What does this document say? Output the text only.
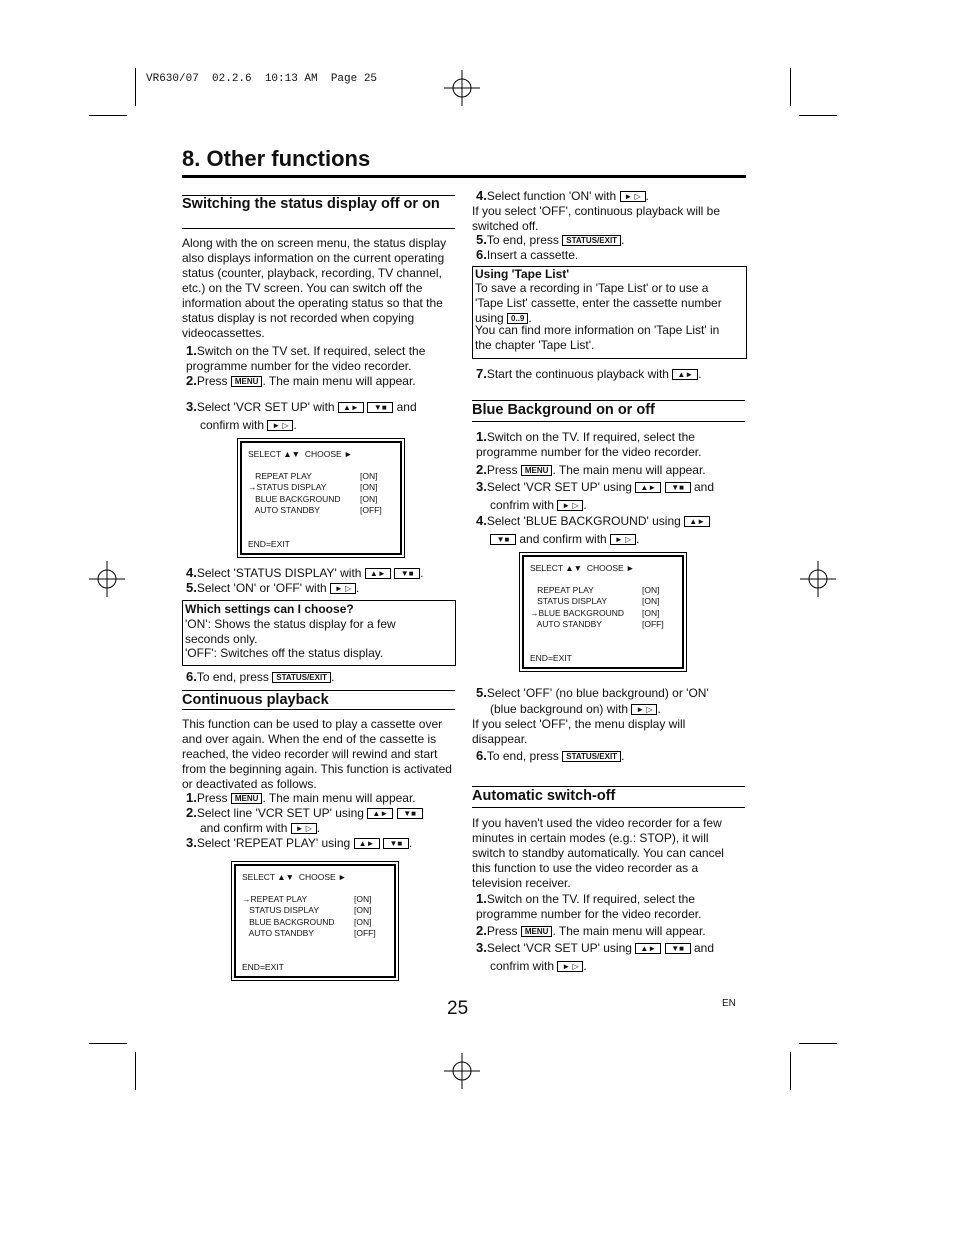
VR630/07  02.2.6  10:13 AM  Page 25
8. Other functions
Switching the status display off or on
Along with the on screen menu, the status display also displays information on the current operating status (counter, playback, recording, TV channel, etc.) on the TV screen. You can switch off the information about the operating status so that the status display is not recorded when copying videocassettes.
1.Switch on the TV set. If required, select the programme number for the video recorder.
2.Press MENU . The main menu will appear.
3.Select 'VCR SET UP' with ▲► ▼■ and
confirm with ► ▷ .
SELECT ▲▼  CHOOSE ►
REPEAT PLAY
→STATUS DISPLAY
BLUE BACKGROUND
AUTO STANDBY
[ON]
[ON]
[ON]
[OFF]
END=EXIT
4.Select 'STATUS DISPLAY' with ▲► ▼■ .
5.Select 'ON' or 'OFF' with ► ▷ .
Which settings can I choose?
'ON': Shows the status display for a few seconds only.
'OFF': Switches off the status display.
6.To end, press STATUS/EXIT .
Continuous playback
This function can be used to play a cassette over and over again. When the end of the cassette is reached, the video recorder will rewind and start from the beginning again. This function is activated or deactivated as follows.
1.Press MENU . The main menu will appear.
2.Select line 'VCR SET UP' using ▲► ▼■
and confirm with ► ▷ .
3.Select 'REPEAT PLAY' using ▲► ▼■ .
SELECT ▲▼  CHOOSE ►
→REPEAT PLAY
STATUS DISPLAY
BLUE BACKGROUND
AUTO STANDBY
[ON]
[ON]
[ON]
[OFF]
END=EXIT
4.Select function 'ON' with ► ▷ .
If you select 'OFF', continuous playback will be switched off.
5.To end, press STATUS/EXIT .
6.Insert a cassette.
Using 'Tape List'
To save a recording in 'Tape List' or to use a 'Tape List' cassette, enter the cassette number using 0..9 .
You can find more information on 'Tape List' in the chapter 'Tape List'.
7.Start the continuous playback with ▲► .
Blue Background on or off
1.Switch on the TV. If required, select the programme number for the video recorder.
2.Press MENU . The main menu will appear.
3.Select 'VCR SET UP' using ▲► ▼■ and
confrim with ► ▷ .
4.Select 'BLUE BACKGROUND' using ▲►
▼■ and confirm with ► ▷ .
SELECT ▲▼  CHOOSE ►
REPEAT PLAY
STATUS DISPLAY
→BLUE BACKGROUND
AUTO STANDBY
[ON]
[ON]
[ON]
[OFF]
END=EXIT
5.Select 'OFF' (no blue background) or 'ON'
(blue background on) with ► ▷ .
If you select 'OFF', the menu display will disappear.
6.To end, press STATUS/EXIT .
Automatic switch-off
If you haven't used the video recorder for a few minutes in certain modes (e.g.: STOP), it will switch to standby automatically. You can cancel this function to use the video recorder as a television receiver.
1.Switch on the TV. If required, select the programme number for the video recorder.
2.Press MENU . The main menu will appear.
3.Select 'VCR SET UP' using ▲► ▼■ and
confrim with ► ▷ .
25	EN
